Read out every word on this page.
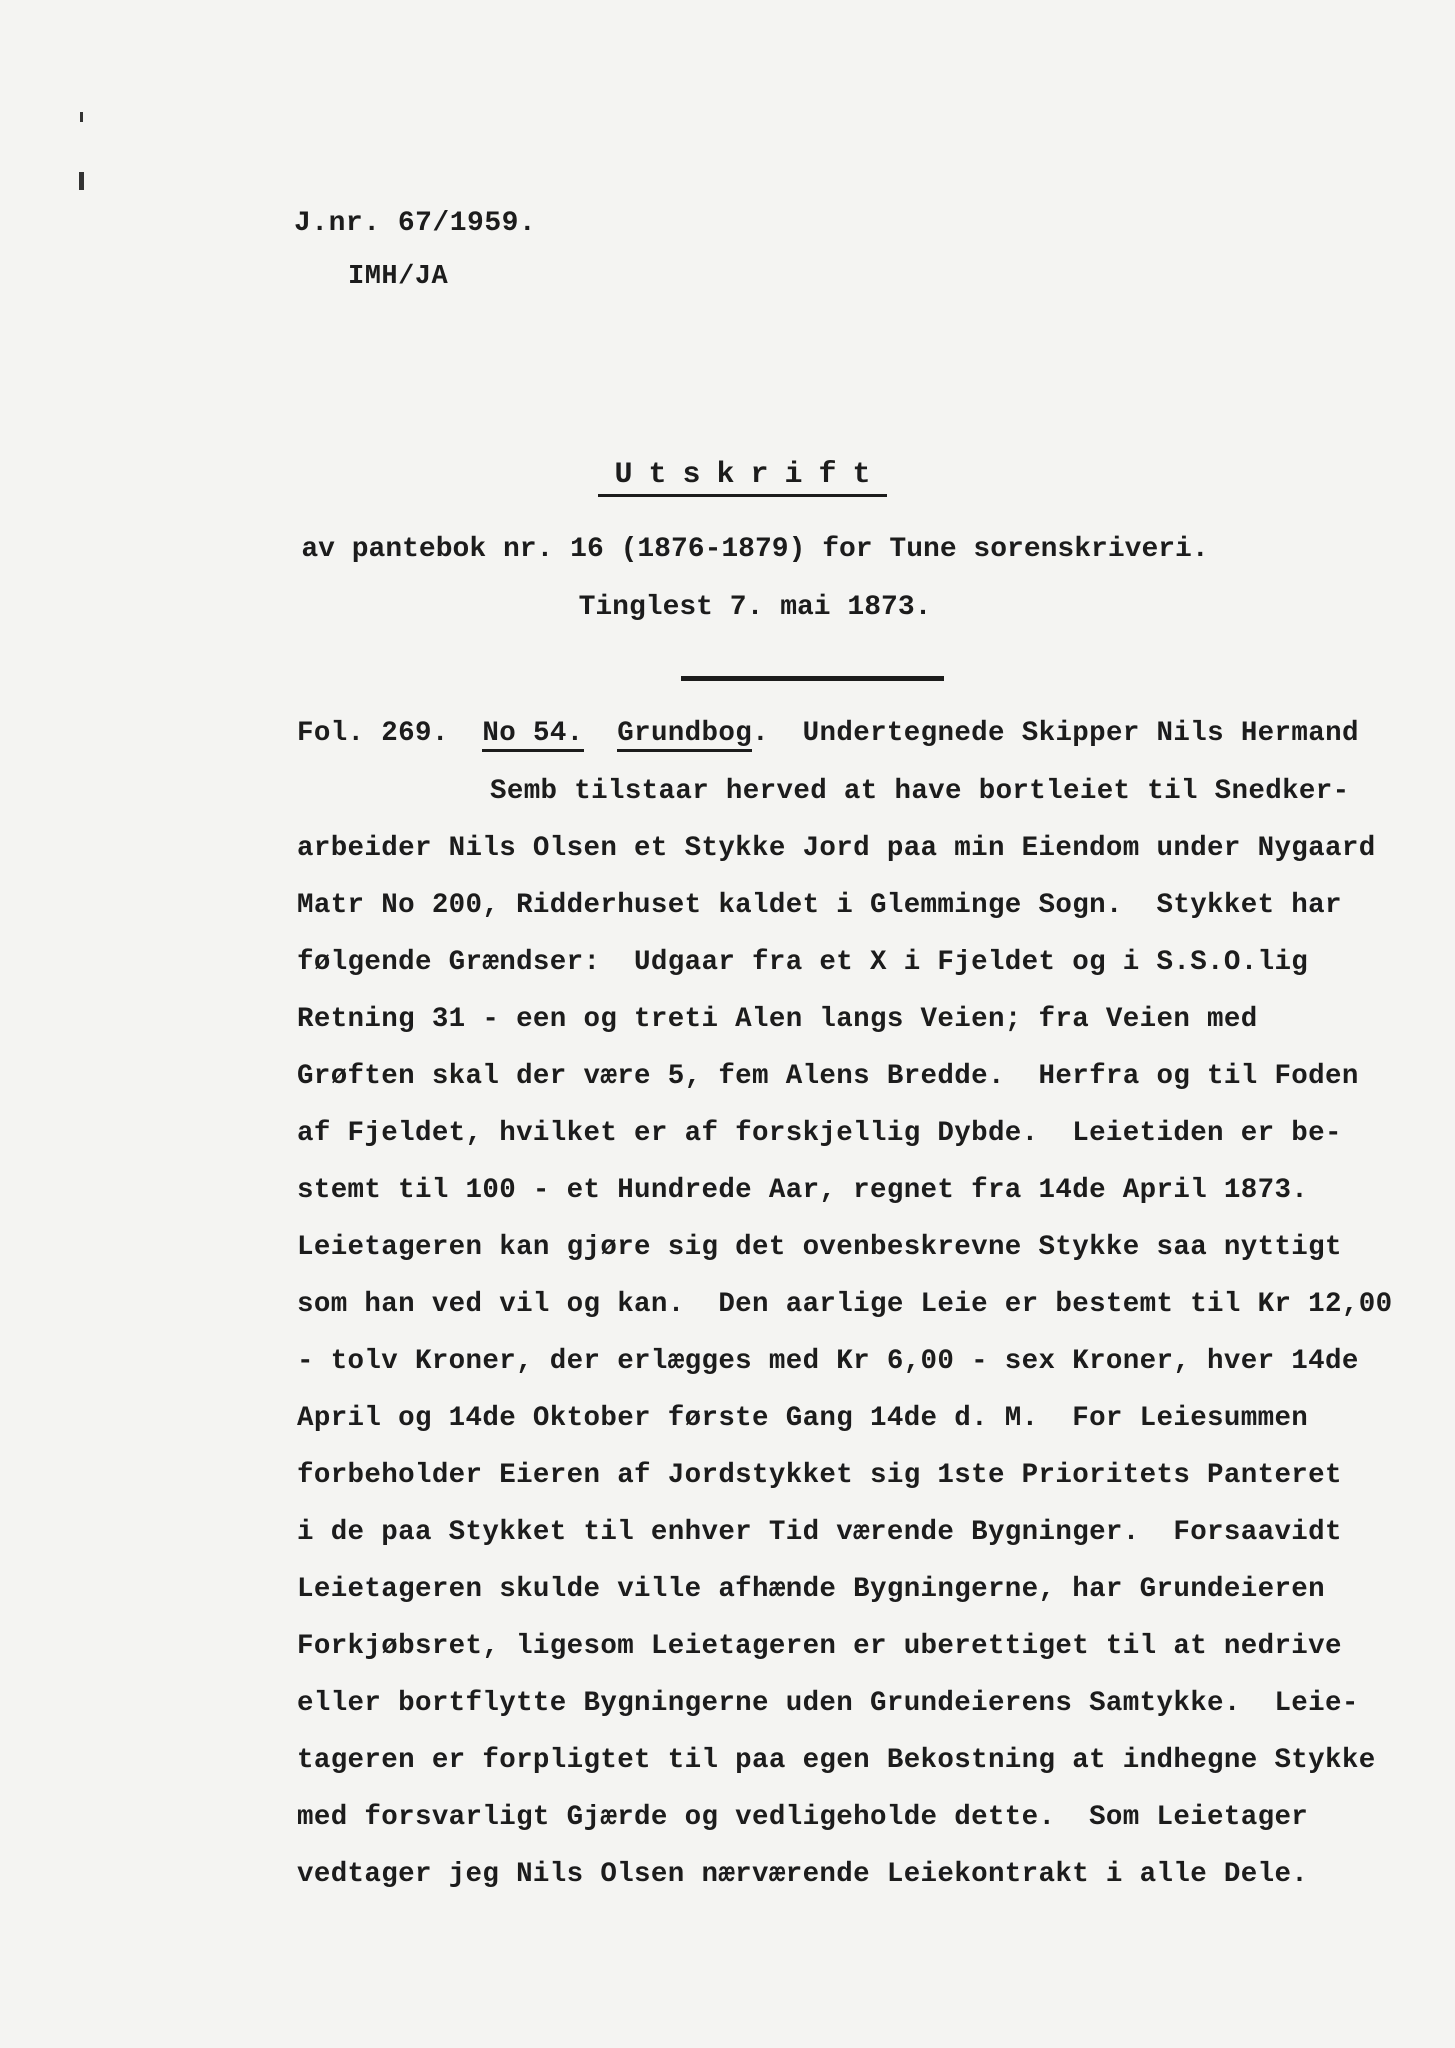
J.nr. 67/1959.
IMH/JA
Utskrift
av pantebok nr. 16 (1876-1879) for Tune sorenskriveri.
Tinglest 7. mai 1873.
Fol. 269. No 54. Grundbog. Undertegnede Skipper Nils Hermand
Semb tilstaar herved at have bortleiet til Snedker-
arbeider Nils Olsen et Stykke Jord paa min Eiendom under Nygaard
Matr No 200, Ridderhuset kaldet i Glemminge Sogn.  Stykket har
følgende Grændser:  Udgaar fra et X i Fjeldet og i S.S.O.lig
Retning 31 - een og treti Alen langs Veien; fra Veien med
Grøften skal der være 5, fem Alens Bredde.  Herfra og til Foden
af Fjeldet, hvilket er af forskjellig Dybde.  Leietiden er be-
stemt til 100 - et Hundrede Aar, regnet fra 14de April 1873.
Leietageren kan gjøre sig det ovenbeskrevne Stykke saa nyttigt
som han ved vil og kan.  Den aarlige Leie er bestemt til Kr 12,00
- tolv Kroner, der erlægges med Kr 6,00 - sex Kroner, hver 14de
April og 14de Oktober første Gang 14de d. M.  For Leiesummen
forbeholder Eieren af Jordstykket sig 1ste Prioritets Panteret
i de paa Stykket til enhver Tid værende Bygninger.  Forsaavidt
Leietageren skulde ville afhænde Bygningerne, har Grundeieren
Forkjøbsret, ligesom Leietageren er uberettiget til at nedrive
eller bortflytte Bygningerne uden Grundeierens Samtykke.  Leie-
tageren er forpligtet til paa egen Bekostning at indhegne Stykke
med forsvarligt Gjærde og vedligeholde dette.  Som Leietager
vedtager jeg Nils Olsen nærværende Leiekontrakt i alle Dele.
